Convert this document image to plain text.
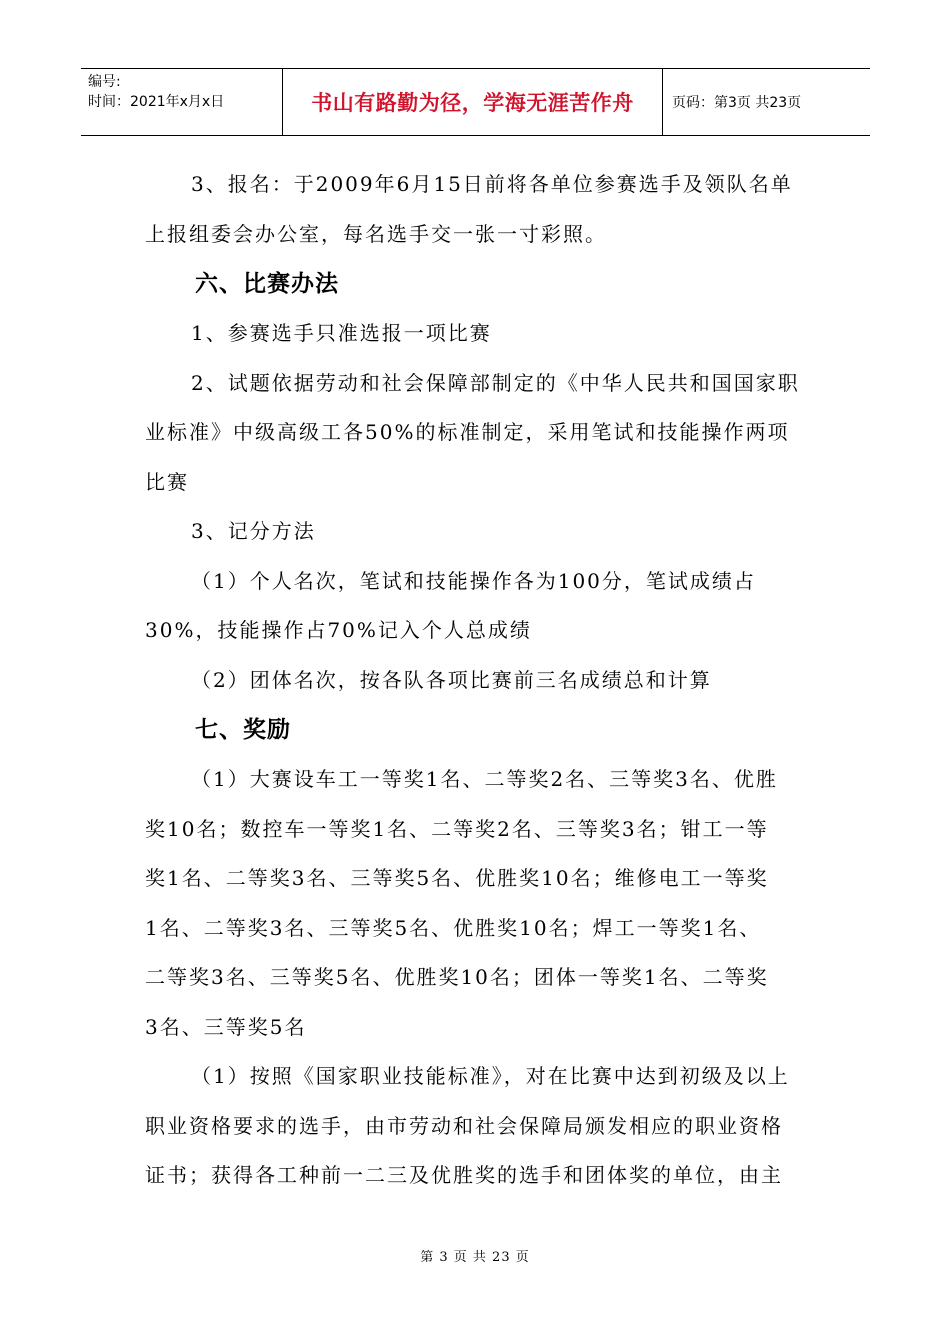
编号:
时间：2021年x月x日	书山有路勤为径，学海无涯苦作舟	页码：第3页 共23页

3、报名：于2009年6月15日前将各单位参赛选手及领队名单

上报组委会办公室，每名选手交一张一寸彩照。

六、比赛办法

1、参赛选手只准选报一项比赛

2、试题依据劳动和社会保障部制定的《中华人民共和国国家职

业标准》中级高级工各50%的标准制定，采用笔试和技能操作两项

比赛

3、记分方法

（1）个人名次，笔试和技能操作各为100分，笔试成绩占

30%，技能操作占70%记入个人总成绩

（2）团体名次，按各队各项比赛前三名成绩总和计算

七、奖励

（1）大赛设车工一等奖1名、二等奖2名、三等奖3名、优胜

奖10名；数控车一等奖1名、二等奖2名、三等奖3名；钳工一等

奖1名、二等奖3名、三等奖5名、优胜奖10名；维修电工一等奖

1名、二等奖3名、三等奖5名、优胜奖10名；焊工一等奖1名、

二等奖3名、三等奖5名、优胜奖10名；团体一等奖1名、二等奖

3名、三等奖5名

（1）按照《国家职业技能标准》，对在比赛中达到初级及以上

职业资格要求的选手，由市劳动和社会保障局颁发相应的职业资格

证书；获得各工种前一二三及优胜奖的选手和团体奖的单位，由主

第 3 页 共 23 页
